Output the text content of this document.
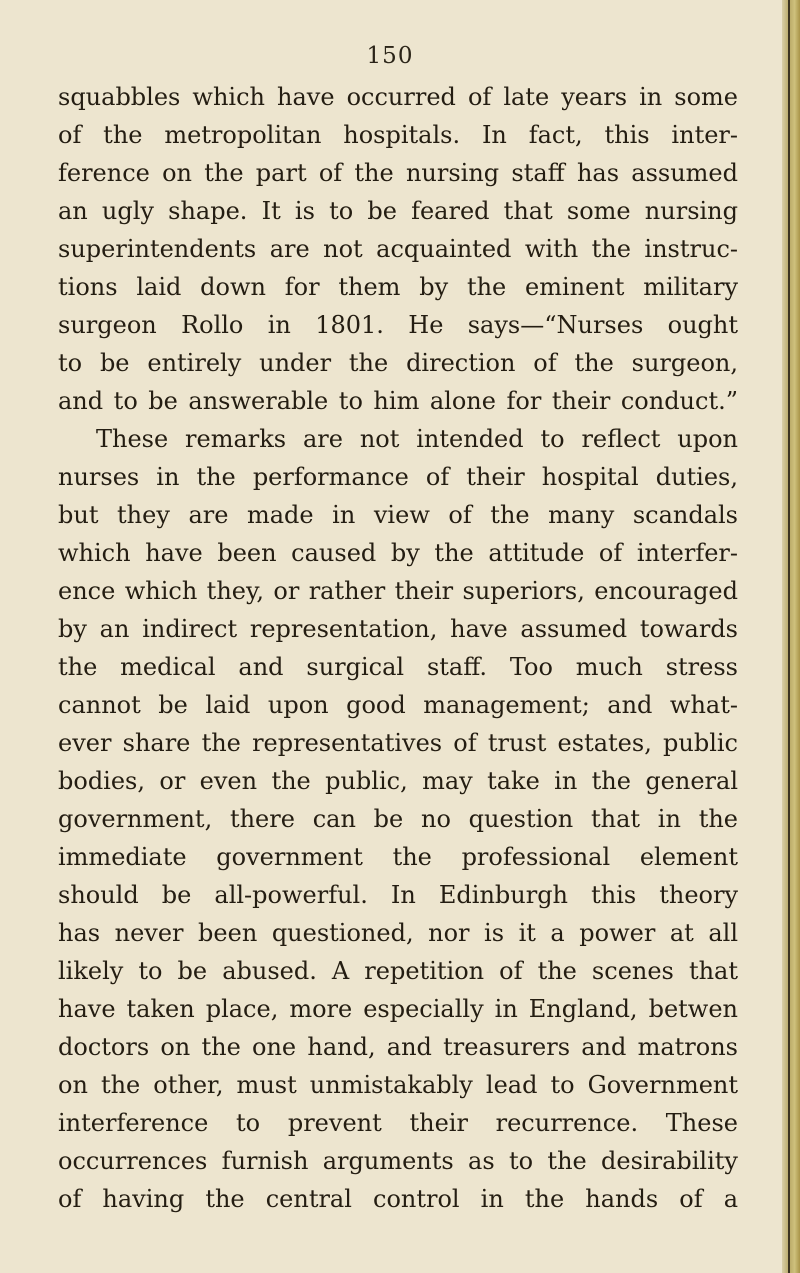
150
squabbles which have occurred of late years in some
of the metropolitan hospitals. In fact, this inter-
ference on the part of the nursing staff has assumed
an ugly shape. It is to be feared that some nursing
superintendents are not acquainted with the instruc-
tions laid down for them by the eminent military
surgeon Rollo in 1801. He says—“Nurses ought
to be entirely under the direction of the surgeon,
and to be answerable to him alone for their conduct.”
These remarks are not intended to reflect upon
nurses in the performance of their hospital duties,
but they are made in view of the many scandals
which have been caused by the attitude of interfer-
ence which they, or rather their superiors, encouraged
by an indirect representation, have assumed towards
the medical and surgical staff. Too much stress
cannot be laid upon good management; and what-
ever share the representatives of trust estates, public
bodies, or even the public, may take in the general
government, there can be no question that in the
immediate government the professional element
should be all-powerful. In Edinburgh this theory
has never been questioned, nor is it a power at all
likely to be abused. A repetition of the scenes that
have taken place, more especially in England, betwen
doctors on the one hand, and treasurers and matrons
on the other, must unmistakably lead to Government
interference to prevent their recurrence. These
occurrences furnish arguments as to the desirability
of having the central control in the hands of a
